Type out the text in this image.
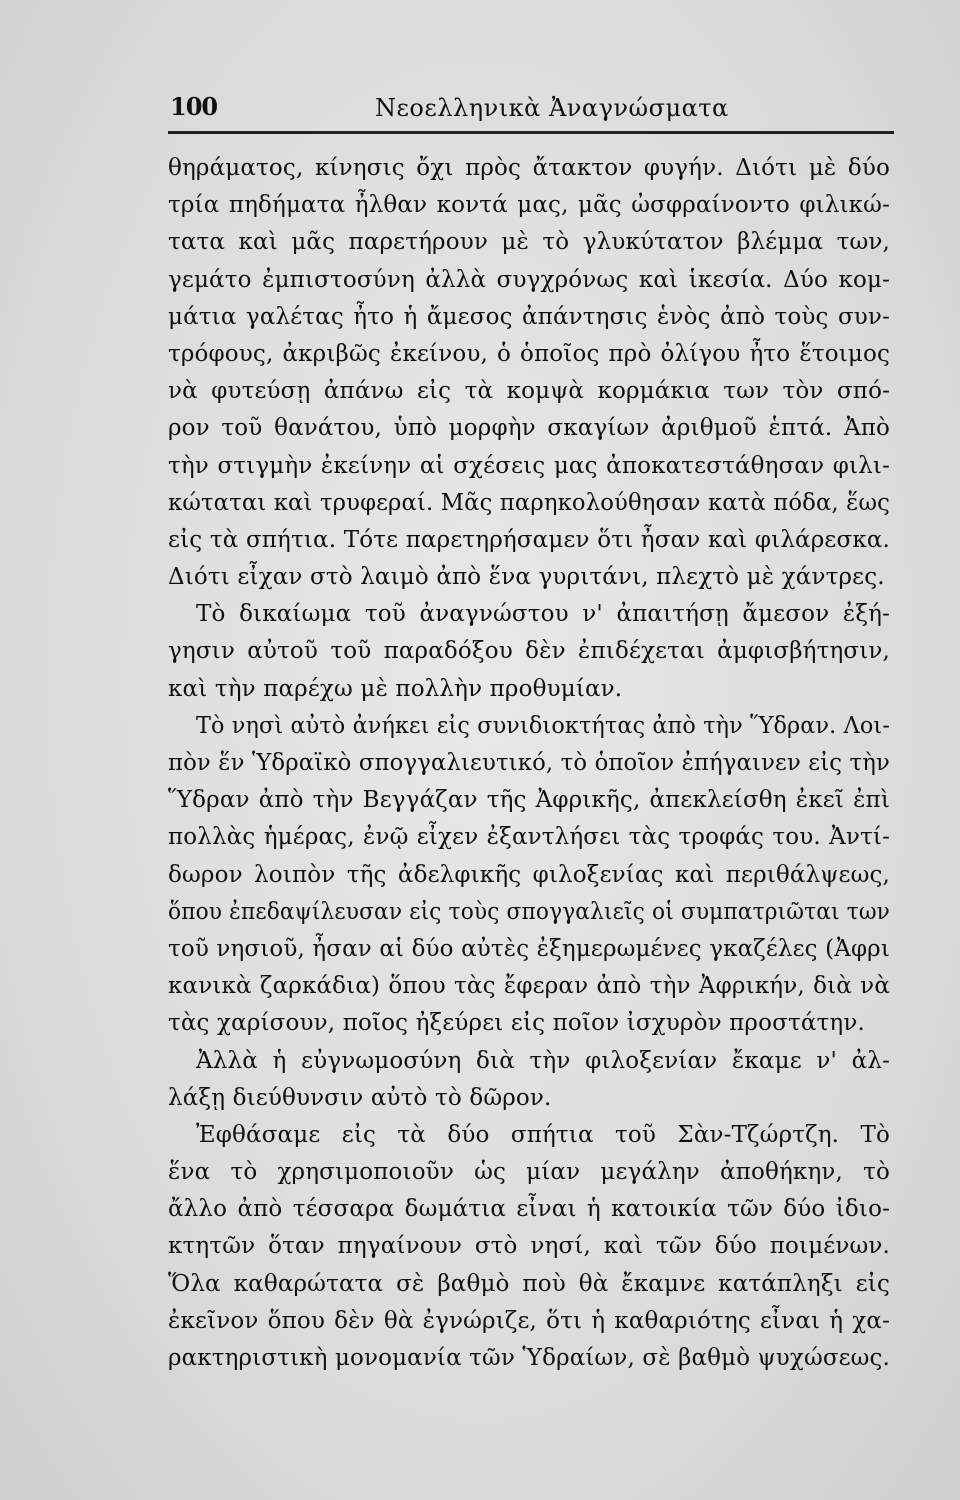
100	Νεοελληνικὰ Ἀναγνώσματα
θηράματος, κίνησις ὄχι πρὸς ἄτακτον φυγήν. Διότι μὲ δύο
τρία πηδήματα ἦλθαν κοντά μας, μᾶς ὠσφραίνοντο φιλικώ-
τατα καὶ μᾶς παρετήρουν μὲ τὸ γλυκύτατον βλέμμα των,
γεμάτο ἐμπιστοσύνη ἀλλὰ συγχρόνως καὶ ἱκεσία. Δύο κομ-
μάτια γαλέτας ἦτο ἡ ἄμεσος ἀπάντησις ἑνὸς ἀπὸ τοὺς συν-
τρόφους, ἀκριβῶς ἐκείνου, ὁ ὁποῖος πρὸ ὀλίγου ἦτο ἕτοιμος
νὰ φυτεύσῃ ἀπάνω εἰς τὰ κομψὰ κορμάκια των τὸν σπό-
ρον τοῦ θανάτου, ὑπὸ μορφὴν σκαγίων ἀριθμοῦ ἑπτά. Ἀπὸ
τὴν στιγμὴν ἐκείνην αἱ σχέσεις μας ἀποκατεστάθησαν φιλι-
κώταται καὶ τρυφεραί. Μᾶς παρηκολούθησαν κατὰ πόδα, ἕως
εἰς τὰ σπήτια. Τότε παρετηρήσαμεν ὅτι ἦσαν καὶ φιλάρεσκα.
Διότι εἶχαν στὸ λαιμὸ ἀπὸ ἕνα γυριτάνι, πλεχτὸ μὲ χάντρες.
Τὸ δικαίωμα τοῦ ἀναγνώστου ν' ἀπαιτήσῃ ἄμεσον ἐξή-
γησιν αὐτοῦ τοῦ παραδόξου δὲν ἐπιδέχεται ἀμφισβήτησιν,
καὶ τὴν παρέχω μὲ πολλὴν προθυμίαν.
Τὸ νησὶ αὐτὸ ἀνήκει εἰς συνιδιοκτήτας ἀπὸ τὴν Ὕδραν. Λοι-
πὸν ἕν Ὑδραϊκὸ σπογγαλιευτικό, τὸ ὁποῖον ἐπήγαινεν εἰς τὴν
Ὕδραν ἀπὸ τὴν Βεγγάζαν τῆς Ἀφρικῆς, ἀπεκλείσθη ἐκεῖ ἐπὶ
πολλὰς ἡμέρας, ἐνῷ εἶχεν ἐξαντλήσει τὰς τροφάς του. Ἀντί-
δωρον λοιπὸν τῆς ἀδελφικῆς φιλοξενίας καὶ περιθάλψεως,
ὅπου ἐπεδαψίλευσαν εἰς τοὺς σπογγαλιεῖς οἱ συμπατριῶται των
τοῦ νησιοῦ, ἦσαν αἱ δύο αὐτὲς ἐξημερωμένες γκαζέλες (Ἀφρι
κανικὰ ζαρκάδια) ὅπου τὰς ἔφεραν ἀπὸ τὴν Ἀφρικήν, διὰ νὰ
τὰς χαρίσουν, ποῖος ἠξεύρει εἰς ποῖον ἰσχυρὸν προστάτην.
Ἀλλὰ ἡ εὐγνωμοσύνη διὰ τὴν φιλοξενίαν ἔκαμε ν' ἀλ-
λάξῃ διεύθυνσιν αὐτὸ τὸ δῶρον.
Ἐφθάσαμε εἰς τὰ δύο σπήτια τοῦ Σὰν-Τζώρτζη. Τὸ
ἕνα τὸ χρησιμοποιοῦν ὡς μίαν μεγάλην ἀποθήκην, τὸ
ἄλλο ἀπὸ τέσσαρα δωμάτια εἶναι ἡ κατοικία τῶν δύο ἰδιο-
κτητῶν ὅταν πηγαίνουν στὸ νησί, καὶ τῶν δύο ποιμένων.
Ὅλα καθαρώτατα σὲ βαθμὸ ποὺ θὰ ἔκαμνε κατάπληξι εἰς
ἐκεῖνον ὅπου δὲν θὰ ἐγνώριζε, ὅτι ἡ καθαριότης εἶναι ἡ χα-
ρακτηριστικὴ μονομανία τῶν Ὑδραίων, σὲ βαθμὸ ψυχώσεως.
